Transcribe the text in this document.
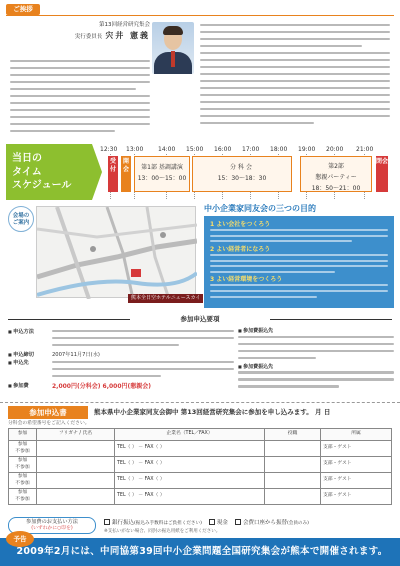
ご挨拶
第13回経営研究集会
実行委員長 宍井 憲義
当日の
タイム
スケジュール
12:30 13:00 14:00 15:00 16:00 17:00 18:00 19:00 20:00 21:00
受付
開会	第1部 基調講演
13：00～15：00
分科会
15：30～18：30
第2部
懇親パーティー
18：50～21：00
閉会
会場の
ご案内
熊本全日空ホテルニュースカイ
中小企業家同友会の三つの目的
1 よい会社をつくろう
2 よい経営者になろう
3 よい経営環境をつくろう
参加申込要項
■ 申込方法
■ 申込締切	2007年11月7日(水)
■ 申込先
■ 参加費	2,000円(分科会) 6,000円(懇親会)
■ 参加費振込先
■ 参加費振込先
参加申込書	熊本県中小企業家同友会御中 第13回経営研究集会に参加を申し込みます。 月 日
分科会の希望番号をご記入ください。
参加	フリガナ / 氏名	企業名（TEL／FAX）	役職	所属

参加
不参加		TEL（ ） － FAX（ ）		支部・ゲスト

参加
不参加		TEL（ ） － FAX（ ）		支部・ゲスト

参加
不参加		TEL（ ） － FAX（ ）		支部・ゲスト

参加
不参加		TEL（ ） － FAX（ ）		支部・ゲスト
参加費のお支払い方法
(いずれかに○印を)
銀行振込(振込み手数料はご負担ください)	現金	会費口座から振替(会員のみ)
※支払いがない場合、同封の振込用紙をご利用ください。
予告
2009年2月には、中同協第39回中小企業問題全国研究集会が熊本で開催されます。
